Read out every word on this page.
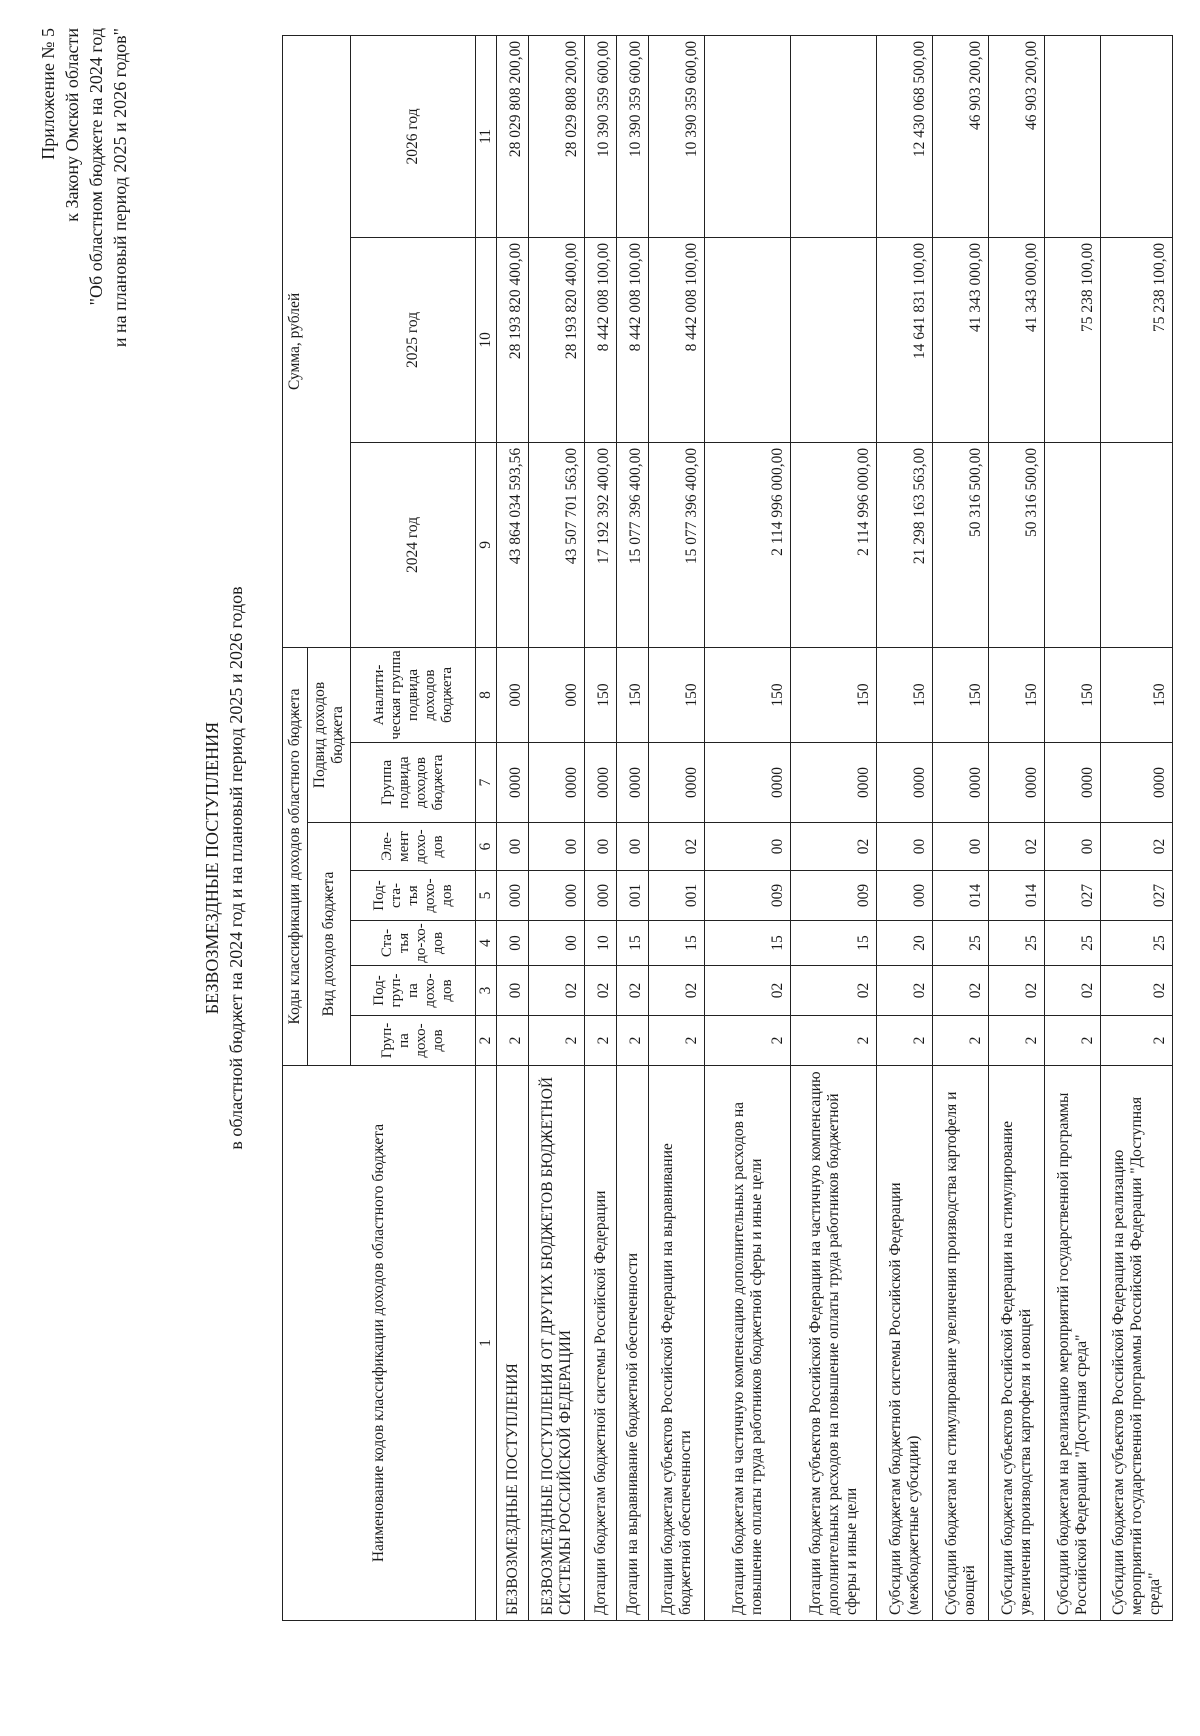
Приложение № 5 к Закону Омской области "Об областном бюджете на 2024 год и на плановый период 2025 и 2026 годов"
БЕЗВОЗМЕЗДНЫЕ ПОСТУПЛЕНИЯ в областной бюджет на 2024 год и на плановый период 2025 и 2026 годов
Наименование кодов классификации доходов областного бюджета	Коды классификации доходов областного бюджета							Сумма, рублей		
	Вид доходов бюджета					Подвид доходов бюджета				
	Груп-па дохо-дов	Под-груп-па дохо-дов	Ста-тья до-хо-дов	Под-ста-тья дохо-дов	Эле-мент дохо-дов	Группа подвида доходов бюджета	Аналити-ческая группа подвида доходов бюджета	2024 год	2025 год	2026 год
1	2	3	4	5	6	7	8	9	10	11
БЕЗВОЗМЕЗДНЫЕ ПОСТУПЛЕНИЯ	2	00	00	000	00	0000	000	43 864 034 593,56	28 193 820 400,00	28 029 808 200,00
БЕЗВОЗМЕЗДНЫЕ ПОСТУПЛЕНИЯ ОТ ДРУГИХ БЮДЖЕТОВ БЮДЖЕТНОЙ СИСТЕМЫ РОССИЙСКОЙ ФЕДЕРАЦИИ	2	02	00	000	00	0000	000	43 507 701 563,00	28 193 820 400,00	28 029 808 200,00
Дотации бюджетам бюджетной системы Российской Федерации	2	02	10	000	00	0000	150	17 192 392 400,00	8 442 008 100,00	10 390 359 600,00
Дотации на выравнивание бюджетной обеспеченности	2	02	15	001	00	0000	150	15 077 396 400,00	8 442 008 100,00	10 390 359 600,00
Дотации бюджетам субъектов Российской Федерации на выравнивание бюджетной обеспеченности	2	02	15	001	02	0000	150	15 077 396 400,00	8 442 008 100,00	10 390 359 600,00
Дотации бюджетам на частичную компенсацию дополнительных расходов на повышение оплаты труда работников бюджетной сферы и иные цели	2	02	15	009	00	0000	150	2 114 996 000,00		
Дотации бюджетам субъектов Российской Федерации на частичную компенсацию дополнительных расходов на повышение оплаты труда работников бюджетной сферы и иные цели	2	02	15	009	02	0000	150	2 114 996 000,00		
Субсидии бюджетам бюджетной системы Российской Федерации (межбюджетные субсидии)	2	02	20	000	00	0000	150	21 298 163 563,00	14 641 831 100,00	12 430 068 500,00
Субсидии бюджетам на стимулирование увеличения производства картофеля и овощей	2	02	25	014	00	0000	150	50 316 500,00	41 343 000,00	46 903 200,00
Субсидии бюджетам субъектов Российской Федерации на стимулирование увеличения производства картофеля и овощей	2	02	25	014	02	0000	150	50 316 500,00	41 343 000,00	46 903 200,00
Субсидии бюджетам на реализацию мероприятий государственной программы Российской Федерации "Доступная среда"	2	02	25	027	00	0000	150		75 238 100,00	
Субсидии бюджетам субъектов Российской Федерации на реализацию мероприятий государственной программы Российской Федерации "Доступная среда"	2	02	25	027	02	0000	150		75 238 100,00	
